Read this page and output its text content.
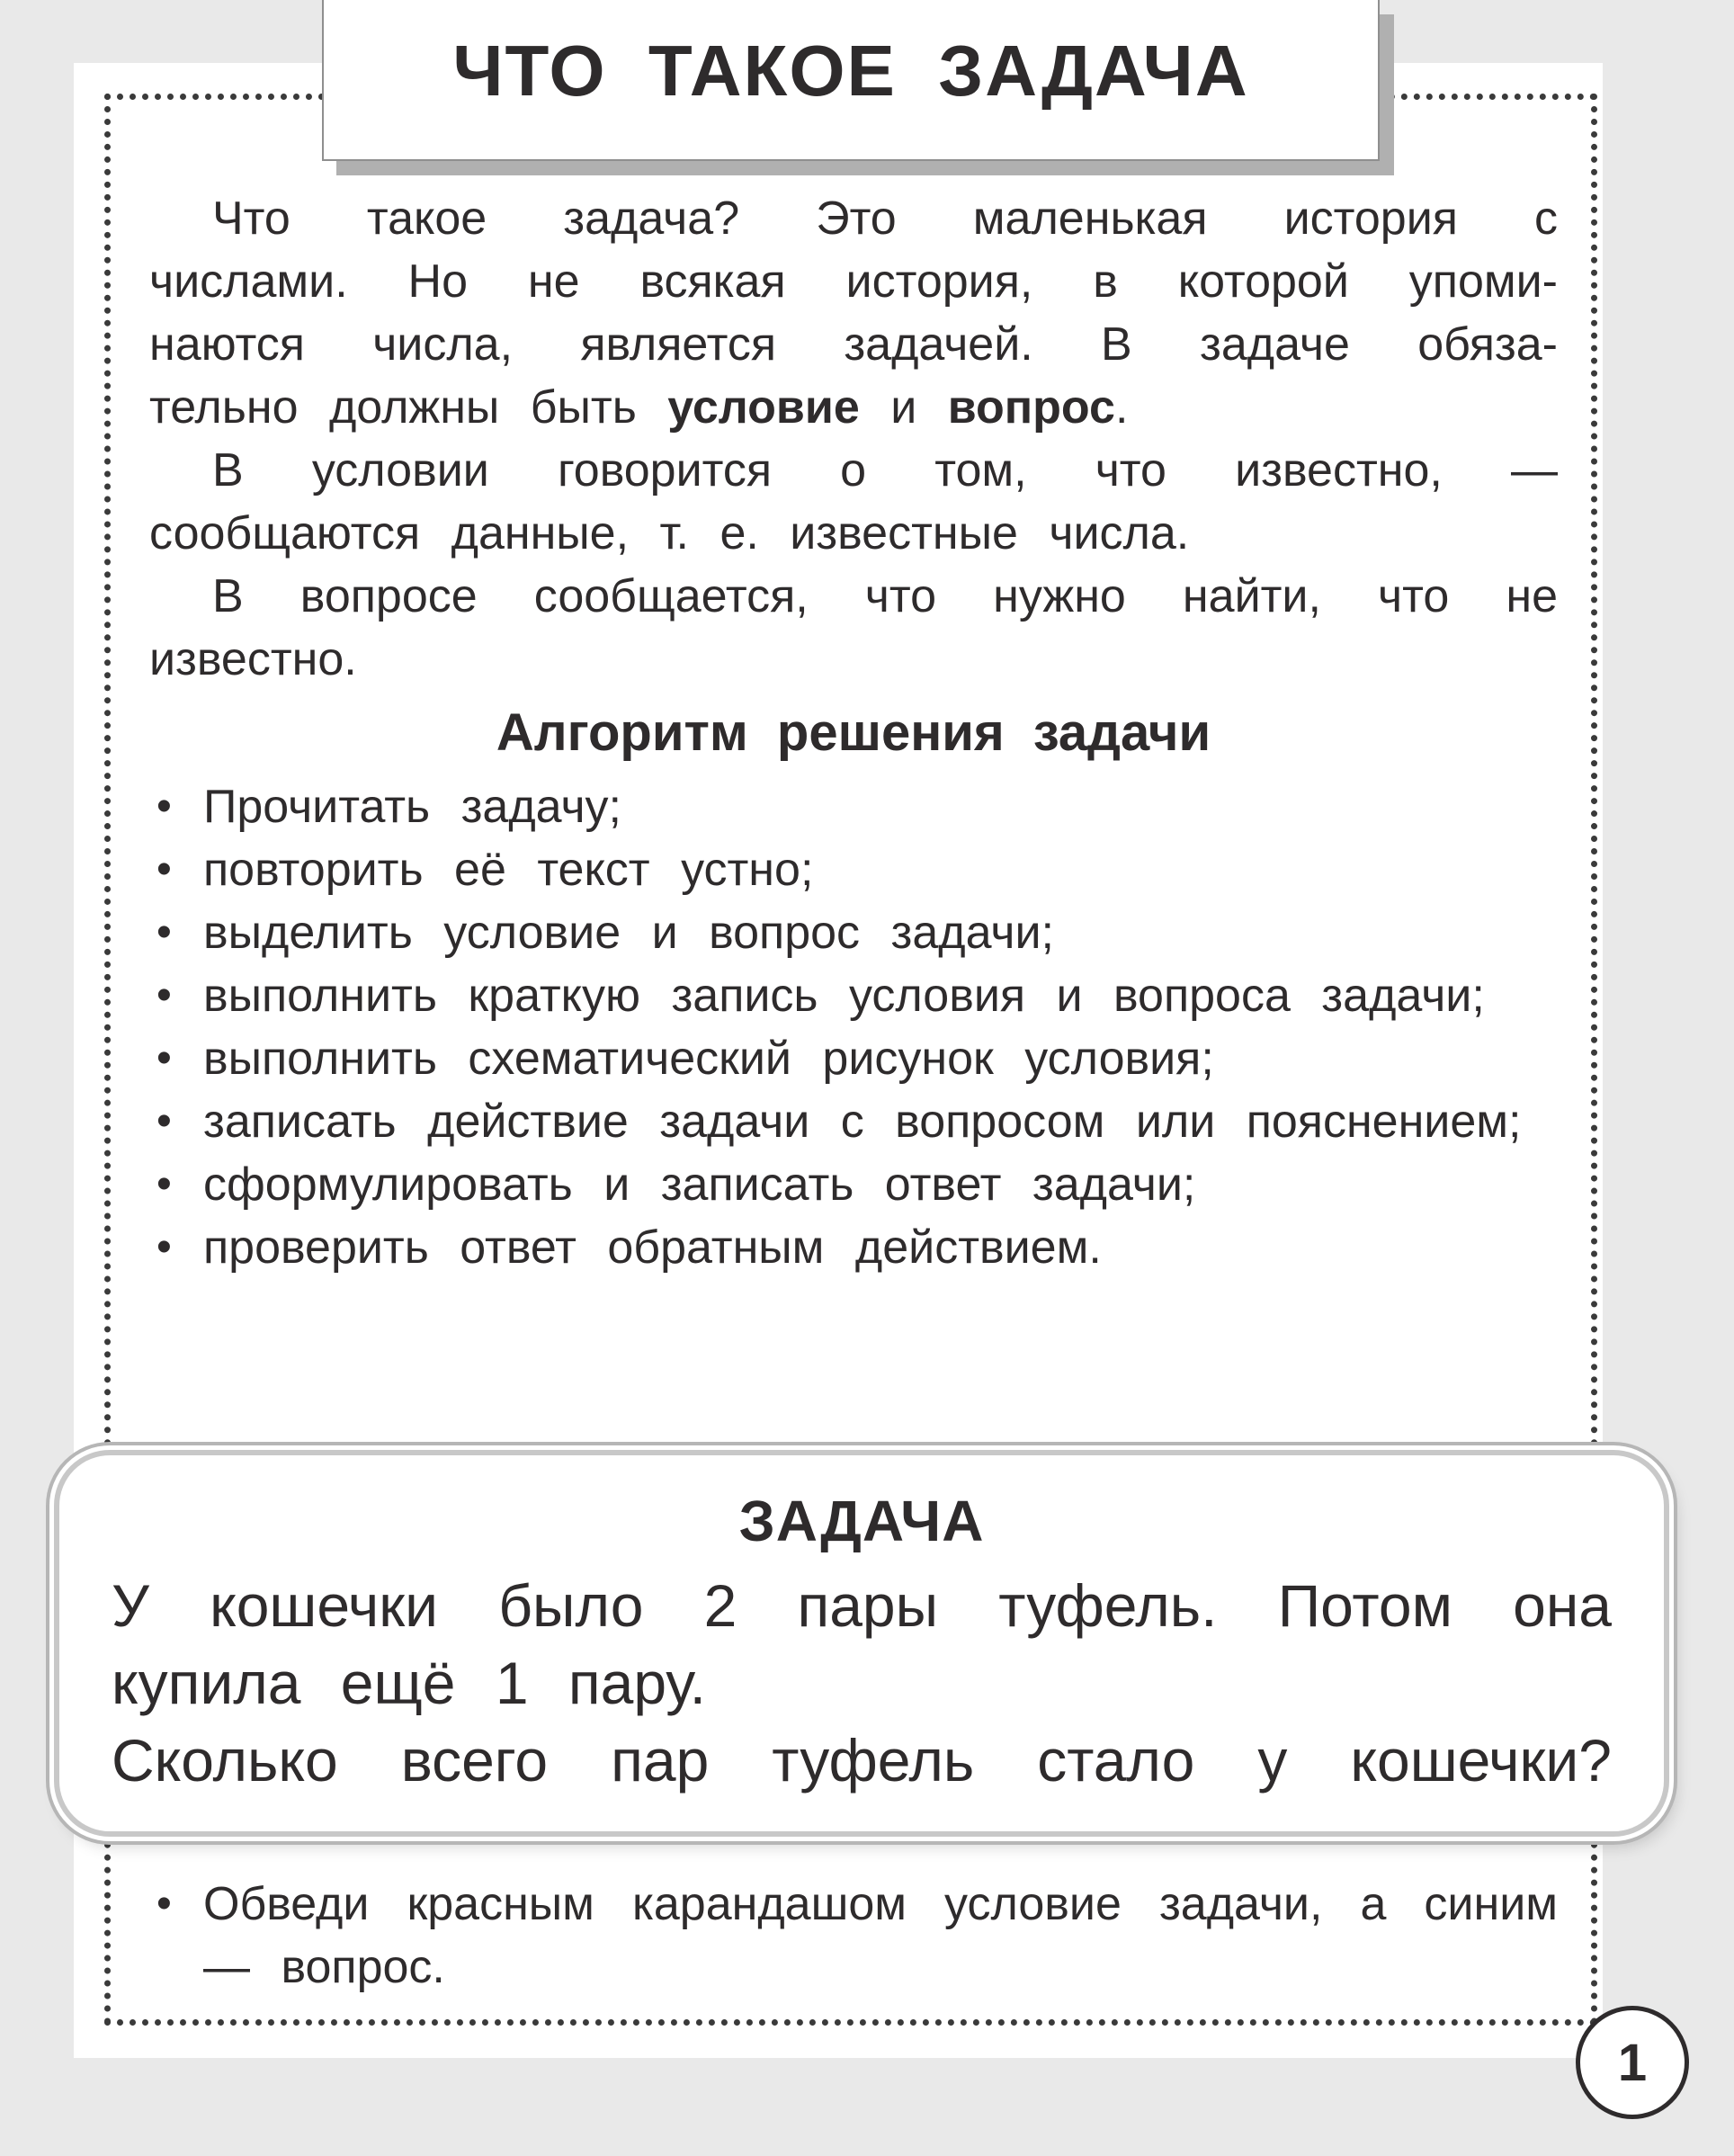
ЧТО ТАКОЕ ЗАДАЧА
Что такое задача? Это маленькая история с
числами. Но не всякая история, в которой упоми-
наются числа, является задачей. В задаче обяза-
тельно должны быть условие и вопрос.
В условии говорится о том, что известно, —
сообщаются данные, т. е. известные числа.
В вопросе сообщается, что нужно найти, что не
известно.
Алгоритм решения задачи
• Прочитать задачу;
• повторить её текст устно;
• выделить условие и вопрос задачи;
• выполнить краткую запись условия и вопроса задачи;
• выполнить схематический рисунок условия;
• записать действие задачи с вопросом или пояснением;
• сформулировать и записать ответ задачи;
• проверить ответ обратным действием.
ЗАДАЧА
У кошечки было 2 пары туфель. Потом она
купила ещё 1 пару.
Сколько всего пар туфель стало у кошечки?
• Обведи красным карандашом условие задачи, а синим — вопрос.
1
